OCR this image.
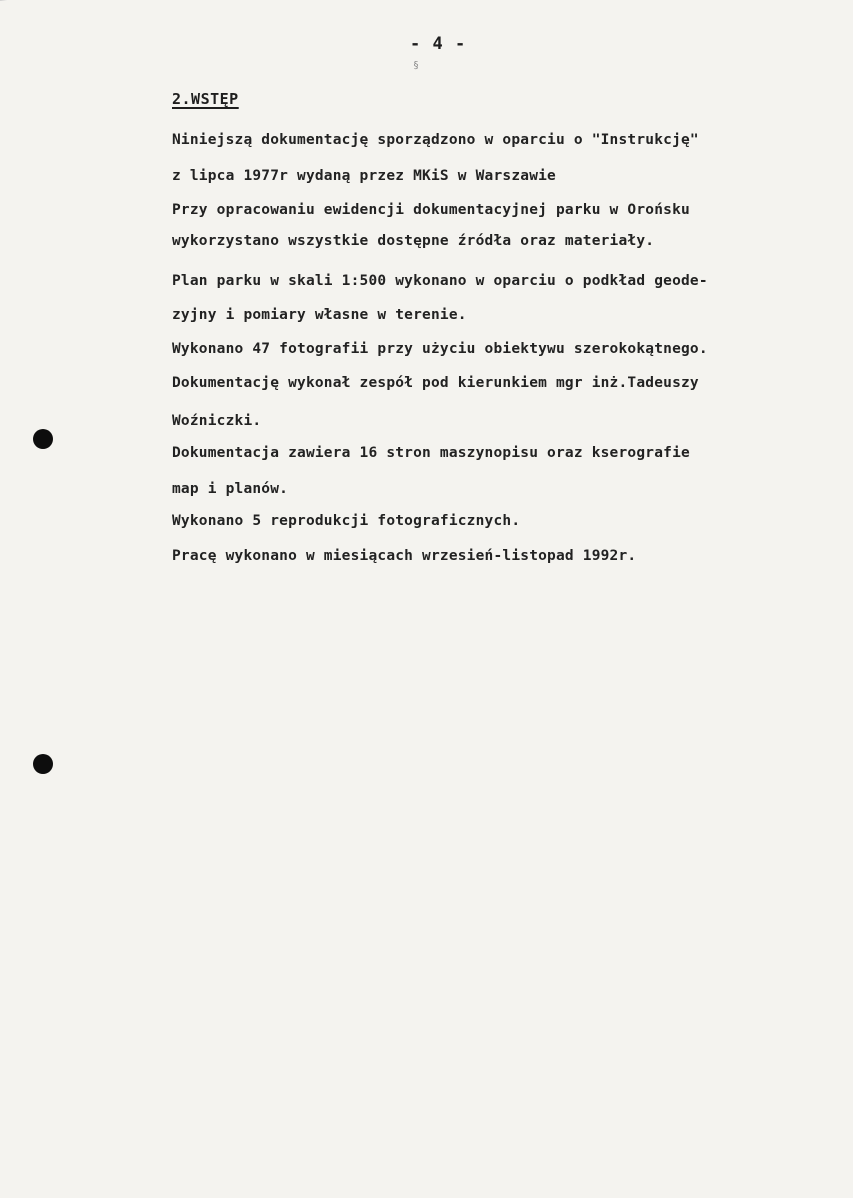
- 4 -
§
2.WSTĘP
Niniejszą dokumentację sporządzono w oparciu o "Instrukcję"
z lipca 1977r wydaną przez MKiS w Warszawie
Przy opracowaniu ewidencji dokumentacyjnej parku w Orońsku
wykorzystano wszystkie dostępne źródła oraz materiały.
Plan parku w skali 1:500 wykonano w oparciu o podkład geode-
zyjny i pomiary własne w terenie.
Wykonano 47 fotografii przy użyciu obiektywu szerokokątnego.
Dokumentację wykonał zespół pod kierunkiem mgr inż.Tadeuszy
Woźniczki.
Dokumentacja zawiera 16 stron maszynopisu oraz kserografie
map i planów.
Wykonano 5 reprodukcji fotograficznych.
Pracę wykonano w miesiącach wrzesień-listopad 1992r.
